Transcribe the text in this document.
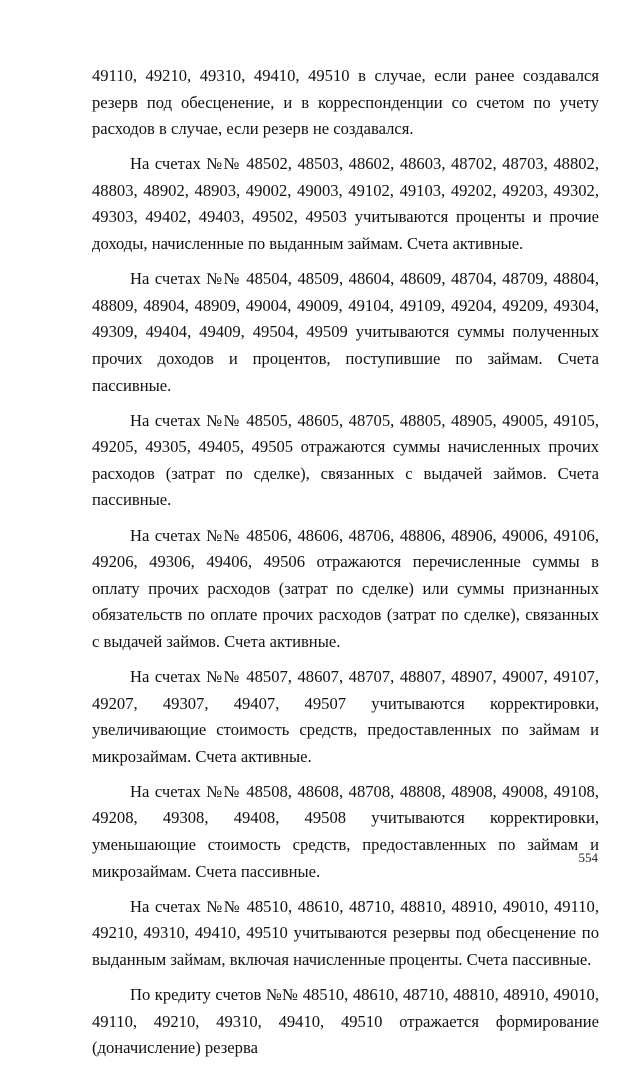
49110, 49210, 49310, 49410, 49510 в случае, если ранее создавался резерв под обесценение, и в корреспонденции со счетом по учету расходов в случае, если резерв не создавался.

На счетах №№ 48502, 48503, 48602, 48603, 48702, 48703, 48802, 48803, 48902, 48903, 49002, 49003, 49102, 49103, 49202, 49203, 49302, 49303, 49402, 49403, 49502, 49503 учитываются проценты и прочие доходы, начисленные по выданным займам. Счета активные.

На счетах №№ 48504, 48509, 48604, 48609, 48704, 48709, 48804, 48809, 48904, 48909, 49004, 49009, 49104, 49109, 49204, 49209, 49304, 49309, 49404, 49409, 49504, 49509 учитываются суммы полученных прочих доходов и процентов, поступившие по займам. Счета пассивные.

На счетах №№ 48505, 48605, 48705, 48805, 48905, 49005, 49105, 49205, 49305, 49405, 49505 отражаются суммы начисленных прочих расходов (затрат по сделке), связанных с выдачей займов. Счета пассивные.

На счетах №№ 48506, 48606, 48706, 48806, 48906, 49006, 49106, 49206, 49306, 49406, 49506 отражаются перечисленные суммы в оплату прочих расходов (затрат по сделке) или суммы признанных обязательств по оплате прочих расходов (затрат по сделке), связанных с выдачей займов. Счета активные.

На счетах №№ 48507, 48607, 48707, 48807, 48907, 49007, 49107, 49207, 49307, 49407, 49507 учитываются корректировки, увеличивающие стоимость средств, предоставленных по займам и микрозаймам. Счета активные.

На счетах №№ 48508, 48608, 48708, 48808, 48908, 49008, 49108, 49208, 49308, 49408, 49508 учитываются корректировки, уменьшающие стоимость средств, предоставленных по займам и микрозаймам. Счета пассивные.

На счетах №№ 48510, 48610, 48710, 48810, 48910, 49010, 49110, 49210, 49310, 49410, 49510 учитываются резервы под обесценение по выданным займам, включая начисленные проценты. Счета пассивные.

По кредиту счетов №№ 48510, 48610, 48710, 48810, 48910, 49010, 49110, 49210, 49310, 49410, 49510 отражается формирование (доначисление) резерва

554
